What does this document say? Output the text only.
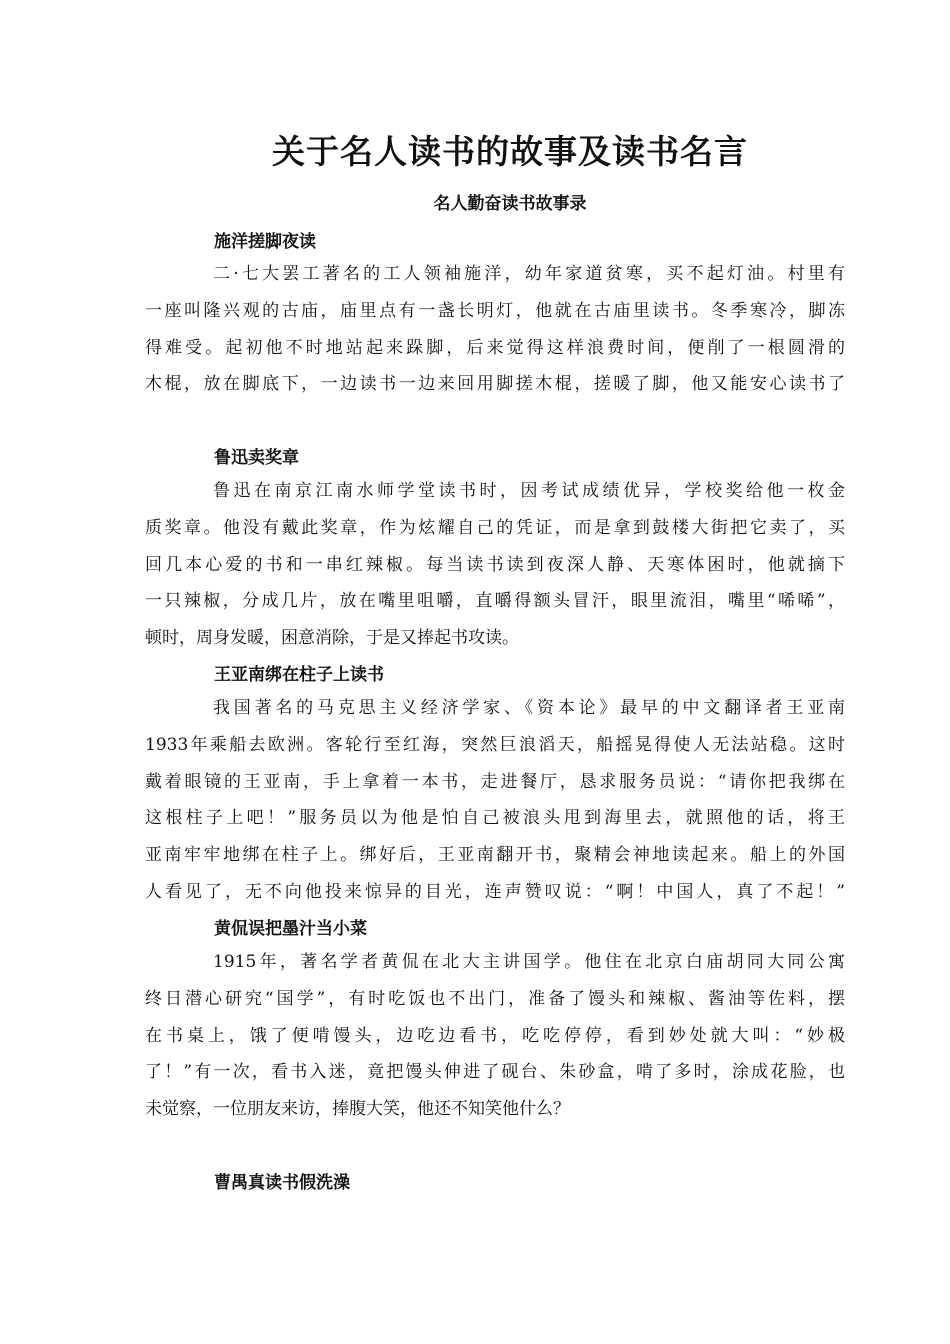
关于名人读书的故事及读书名言
名人勤奋读书故事录
施洋搓脚夜读
二·七大罢工著名的工人领袖施洋，幼年家道贫寒，买不起灯油。村里有
一座叫隆兴观的古庙，庙里点有一盏长明灯，他就在古庙里读书。冬季寒冷，脚冻
得难受。起初他不时地站起来跺脚，后来觉得这样浪费时间，便削了一根圆滑的
木棍，放在脚底下，一边读书一边来回用脚搓木棍，搓暖了脚，他又能安心读书了
鲁迅卖奖章
鲁迅在南京江南水师学堂读书时，因考试成绩优异，学校奖给他一枚金
质奖章。他没有戴此奖章，作为炫耀自己的凭证，而是拿到鼓楼大街把它卖了，买
回几本心爱的书和一串红辣椒。每当读书读到夜深人静、天寒体困时，他就摘下
一只辣椒，分成几片，放在嘴里咀嚼，直嚼得额头冒汗，眼里流泪，嘴里“唏唏”，
顿时，周身发暖，困意消除，于是又捧起书攻读。
王亚南绑在柱子上读书
我国著名的马克思主义经济学家、《资本论》最早的中文翻译者王亚南
1933年乘船去欧洲。客轮行至红海，突然巨浪滔天，船摇晃得使人无法站稳。这时
戴着眼镜的王亚南，手上拿着一本书，走进餐厅，恳求服务员说：“请你把我绑在
这根柱子上吧！”服务员以为他是怕自己被浪头甩到海里去，就照他的话，将王
亚南牢牢地绑在柱子上。绑好后，王亚南翻开书，聚精会神地读起来。船上的外国
人看见了，无不向他投来惊异的目光，连声赞叹说：“啊！中国人，真了不起！”
黄侃误把墨汁当小菜
1915年，著名学者黄侃在北大主讲国学。他住在北京白庙胡同大同公寓
终日潜心研究“国学”，有时吃饭也不出门，准备了馒头和辣椒、酱油等佐料，摆
在书桌上，饿了便啃馒头，边吃边看书，吃吃停停，看到妙处就大叫：“妙极
了！”有一次，看书入迷，竟把馒头伸进了砚台、朱砂盒，啃了多时，涂成花脸，也
未觉察，一位朋友来访，捧腹大笑，他还不知笑他什么？
曹禺真读书假洗澡
